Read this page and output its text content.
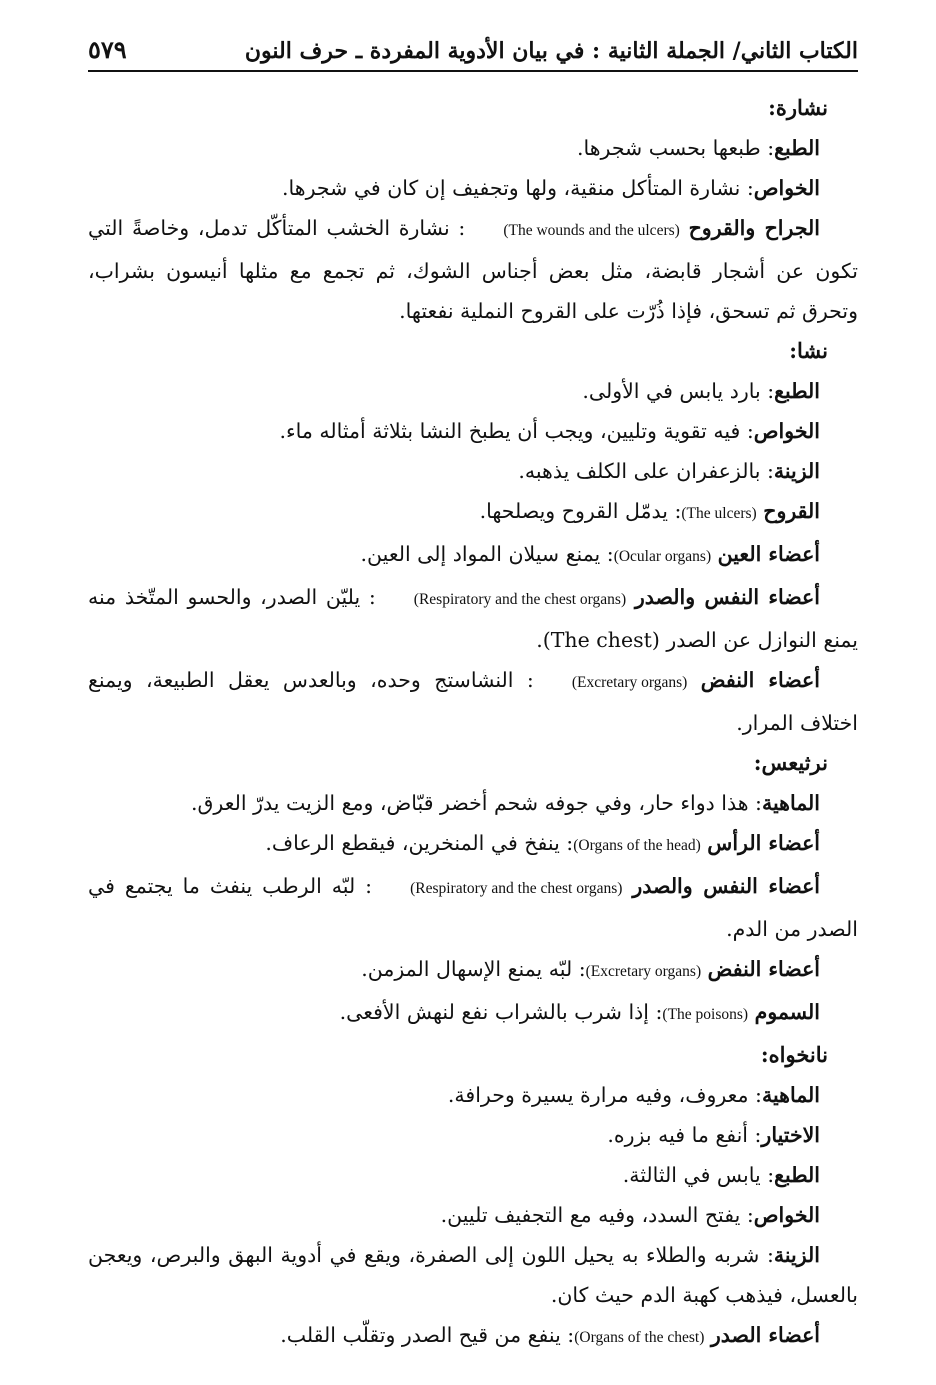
الكتاب الثاني/ الجملة الثانية : في بيان الأدوية المفردة ـ حرف النون
٥٧٩

نشارة:

الطبع: طبعها بحسب شجرها.

الخواص: نشارة المتأكل منقية، ولها وتجفيف إن كان في شجرها.

الجراح والقروح (The wounds and the ulcers): نشارة الخشب المتأكّل تدمل، وخاصةً التي تكون عن أشجار قابضة، مثل بعض أجناس الشوك، ثم تجمع مع مثلها أنيسون بشراب، وتحرق ثم تسحق، فإذا ذُرّت على القروح النملية نفعتها.

نشا:

الطبع: بارد يابس في الأولى.

الخواص: فيه تقوية وتليين، ويجب أن يطبخ النشا بثلاثة أمثاله ماء.

الزينة: بالزعفران على الكلف يذهبه.

القروح (The ulcers): يدمّل القروح ويصلحها.

أعضاء العين (Ocular organs): يمنع سيلان المواد إلى العين.

أعضاء النفس والصدر (Respiratory and the chest organs): يليّن الصدر، والحسو المتّخذ منه يمنع النوازل عن الصدر (The chest).

أعضاء النفض (Excretary organs): النشاستج وحده، وبالعدس يعقل الطبيعة، ويمنع اختلاف المرار.

نرثيعس:

الماهية: هذا دواء حار، وفي جوفه شحم أخضر قبّاض، ومع الزيت يدرّ العرق.

أعضاء الرأس (Organs of the head): ينفخ في المنخرين، فيقطع الرعاف.

أعضاء النفس والصدر (Respiratory and the chest organs): لبّه الرطب ينفث ما يجتمع في الصدر من الدم.

أعضاء النفض (Excretary organs): لبّه يمنع الإسهال المزمن.

السموم (The poisons): إذا شرب بالشراب نفع لنهش الأفعى.

نانخواه:

الماهية: معروف، وفيه مرارة يسيرة وحرافة.

الاختيار: أنفع ما فيه بزره.

الطبع: يابس في الثالثة.

الخواص: يفتح السدد، وفيه مع التجفيف تليين.

الزينة: شربه والطلاء به يحيل اللون إلى الصفرة، ويقع في أدوية البهق والبرص، ويعجن بالعسل، فيذهب كهبة الدم حيث كان.

أعضاء الصدر (Organs of the chest): ينفع من قيح الصدر وتقلّب القلب.
